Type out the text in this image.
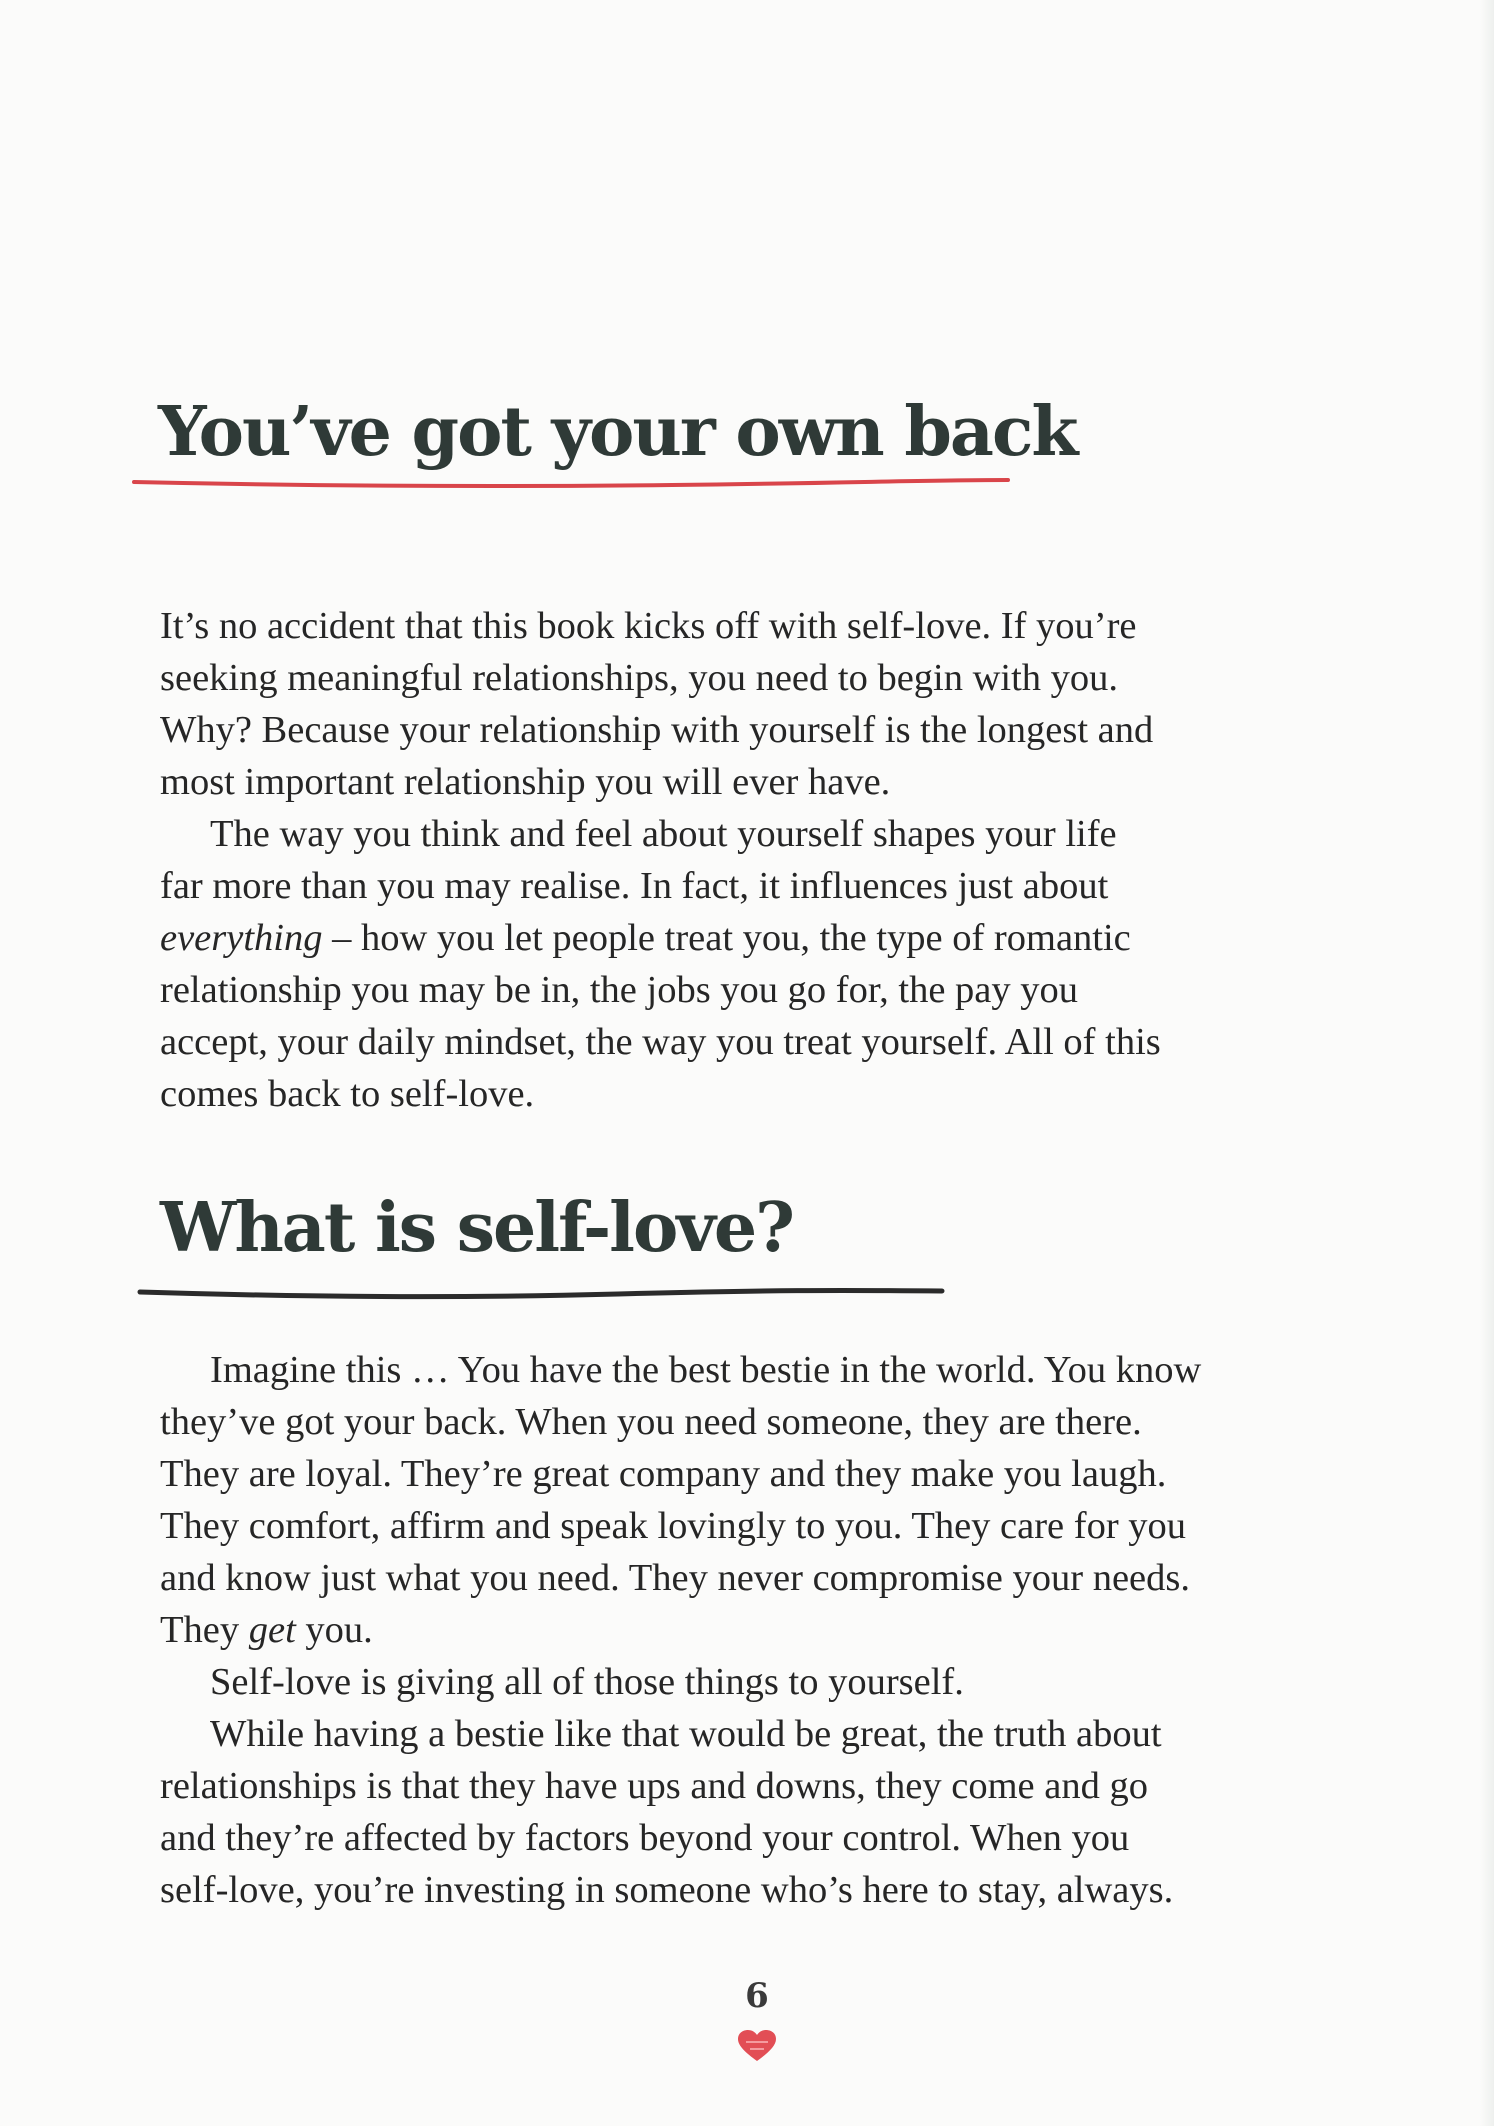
You’ve got your own back
It’s no accident that this book kicks off with self-love. If you’re
seeking meaningful relationships, you need to begin with you.
Why? Because your relationship with yourself is the longest and
most important relationship you will ever have.
The way you think and feel about yourself shapes your life
far more than you may realise. In fact, it influences just about
everything – how you let people treat you, the type of romantic
relationship you may be in, the jobs you go for, the pay you
accept, your daily mindset, the way you treat yourself. All of this
comes back to self-love.
What is self-love?
Imagine this … You have the best bestie in the world. You know
they’ve got your back. When you need someone, they are there.
They are loyal. They’re great company and they make you laugh.
They comfort, affirm and speak lovingly to you. They care for you
and know just what you need. They never compromise your needs.
They get you.
Self-love is giving all of those things to yourself.
While having a bestie like that would be great, the truth about
relationships is that they have ups and downs, they come and go
and they’re affected by factors beyond your control. When you
self-love, you’re investing in someone who’s here to stay, always.
6
